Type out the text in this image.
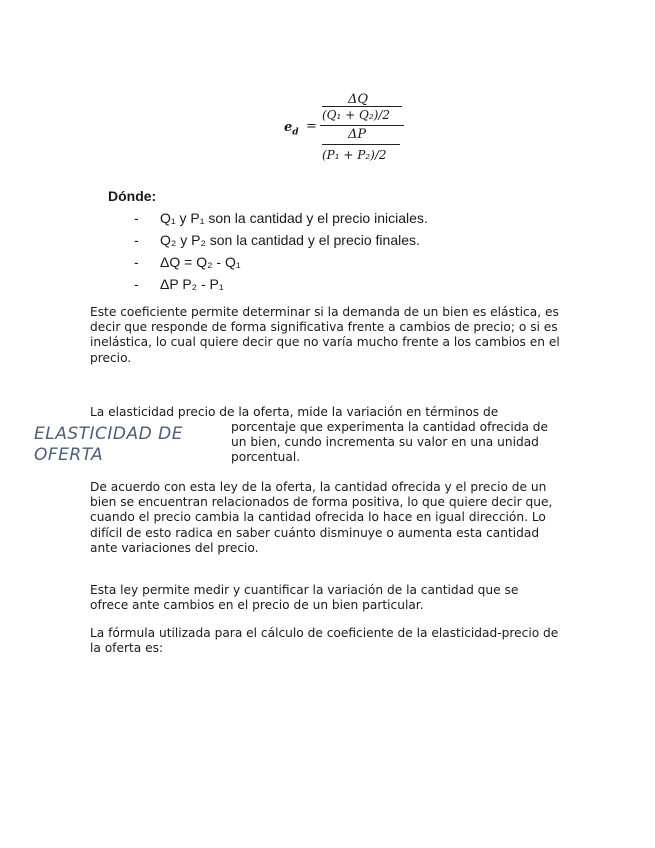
$e_d$ =
ΔQ
(Q₁ + Q₂)/2
ΔP
(P₁ + P₂)/2
Dónde:
- Q₁ y P₁ son la cantidad y el precio iniciales.
- Q₂ y P₂ son la cantidad y el precio finales.
- ΔQ = Q₂ - Q₁
- ΔP P₂ - P₁

Este coeficiente permite determinar si la demanda de un bien es elástica, es decir que responde de forma significativa frente a cambios de precio; o si es inelástica, lo cual quiere decir que no varía mucho frente a los cambios en el precio.

La elasticidad precio de la oferta, mide la variación en términos de

ELASTICIDAD DE OFERTA

porcentaje que experimenta la cantidad ofrecida de un bien, cundo incrementa su valor en una unidad porcentual.

De acuerdo con esta ley de la oferta, la cantidad ofrecida y el precio de un bien se encuentran relacionados de forma positiva, lo que quiere decir que, cuando el precio cambia la cantidad ofrecida lo hace en igual dirección. Lo difícil de esto radica en saber cuánto disminuye o aumenta esta cantidad ante variaciones del precio.

Esta ley permite medir y cuantificar la variación de la cantidad que se ofrece ante cambios en el precio de un bien particular.

La fórmula utilizada para el cálculo de coeficiente de la elasticidad-precio de la oferta es:
